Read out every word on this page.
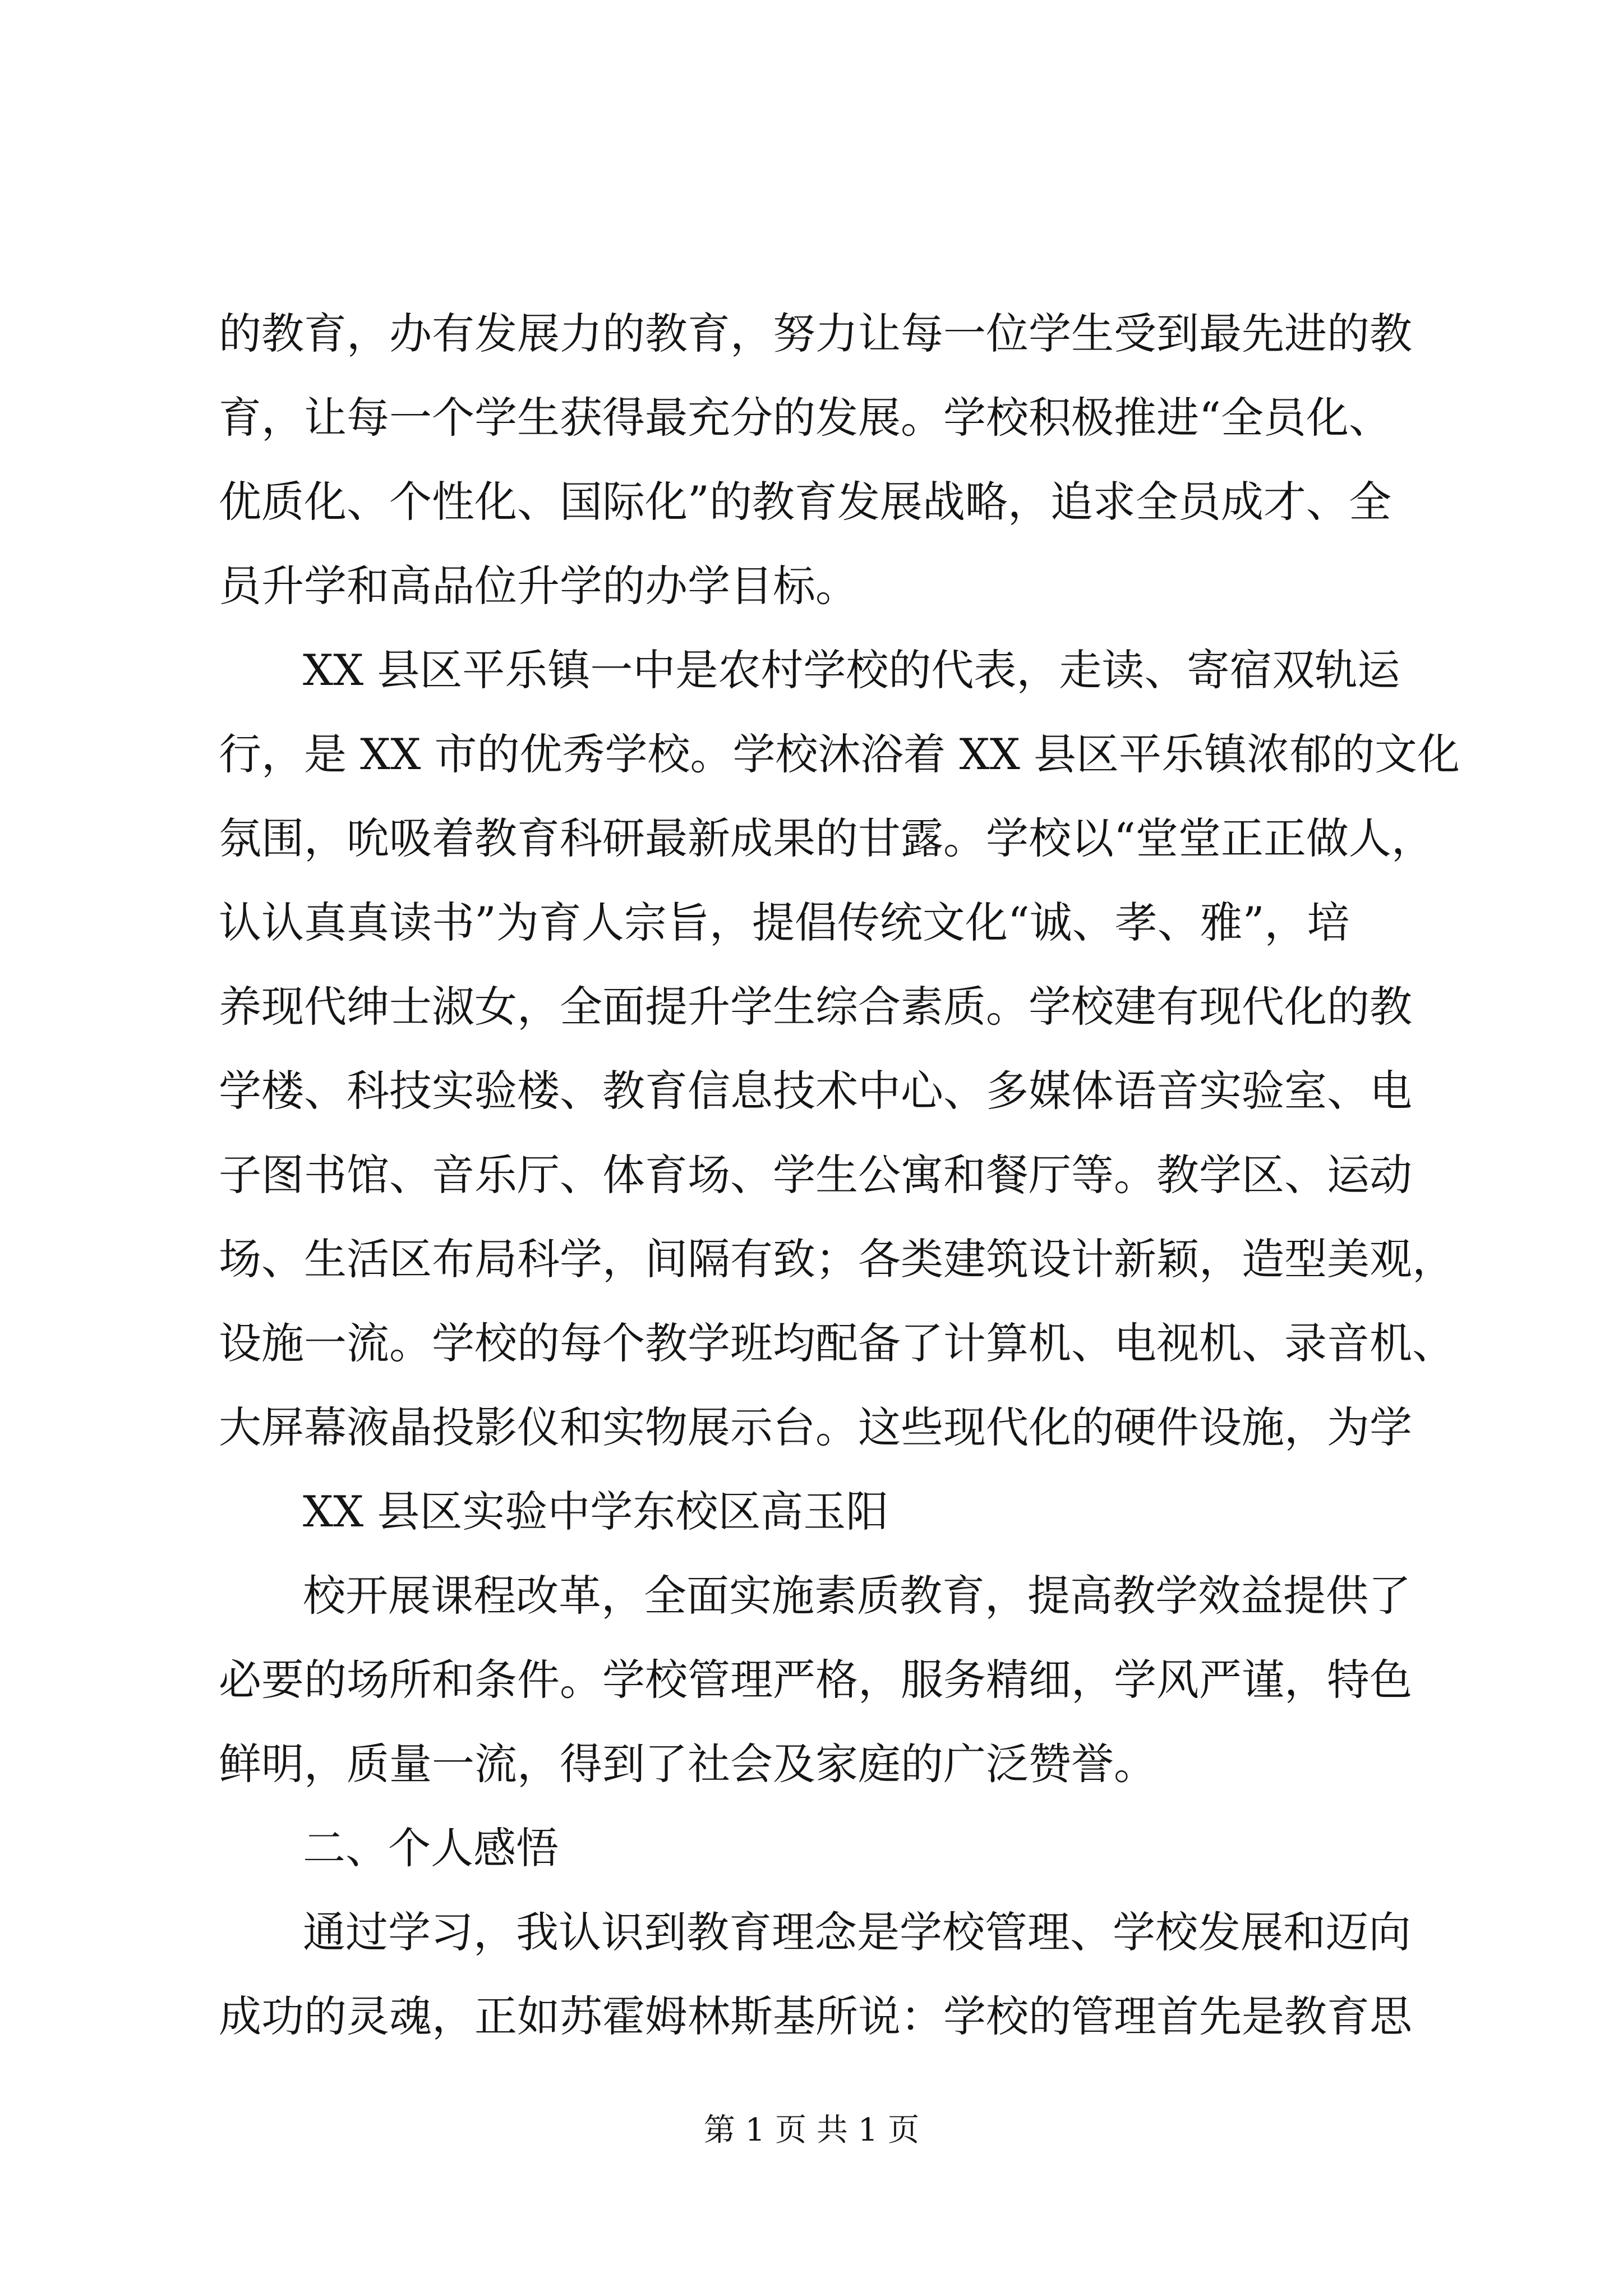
的教育，办有发展力的教育，努力让每一位学生受到最先进的教
育，让每一个学生获得最充分的发展。学校积极推进“全员化、
优质化、个性化、国际化”的教育发展战略，追求全员成才、全
员升学和高品位升学的办学目标。
XX 县区平乐镇一中是农村学校的代表，走读、寄宿双轨运
行，是 XX 市的优秀学校。学校沐浴着 XX 县区平乐镇浓郁的文化
氛围，吮吸着教育科研最新成果的甘露。学校以“堂堂正正做人，
认认真真读书”为育人宗旨，提倡传统文化“诚、孝、雅”，培
养现代绅士淑女，全面提升学生综合素质。学校建有现代化的教
学楼、科技实验楼、教育信息技术中心、多媒体语音实验室、电
子图书馆、音乐厅、体育场、学生公寓和餐厅等。教学区、运动
场、生活区布局科学，间隔有致；各类建筑设计新颖，造型美观，
设施一流。学校的每个教学班均配备了计算机、电视机、录音机、
大屏幕液晶投影仪和实物展示台。这些现代化的硬件设施，为学
XX 县区实验中学东校区高玉阳
校开展课程改革，全面实施素质教育，提高教学效益提供了
必要的场所和条件。学校管理严格，服务精细，学风严谨，特色
鲜明，质量一流，得到了社会及家庭的广泛赞誉。
二、个人感悟
通过学习，我认识到教育理念是学校管理、学校发展和迈向
成功的灵魂，正如苏霍姆林斯基所说：学校的管理首先是教育思
第 1 页 共 1 页
